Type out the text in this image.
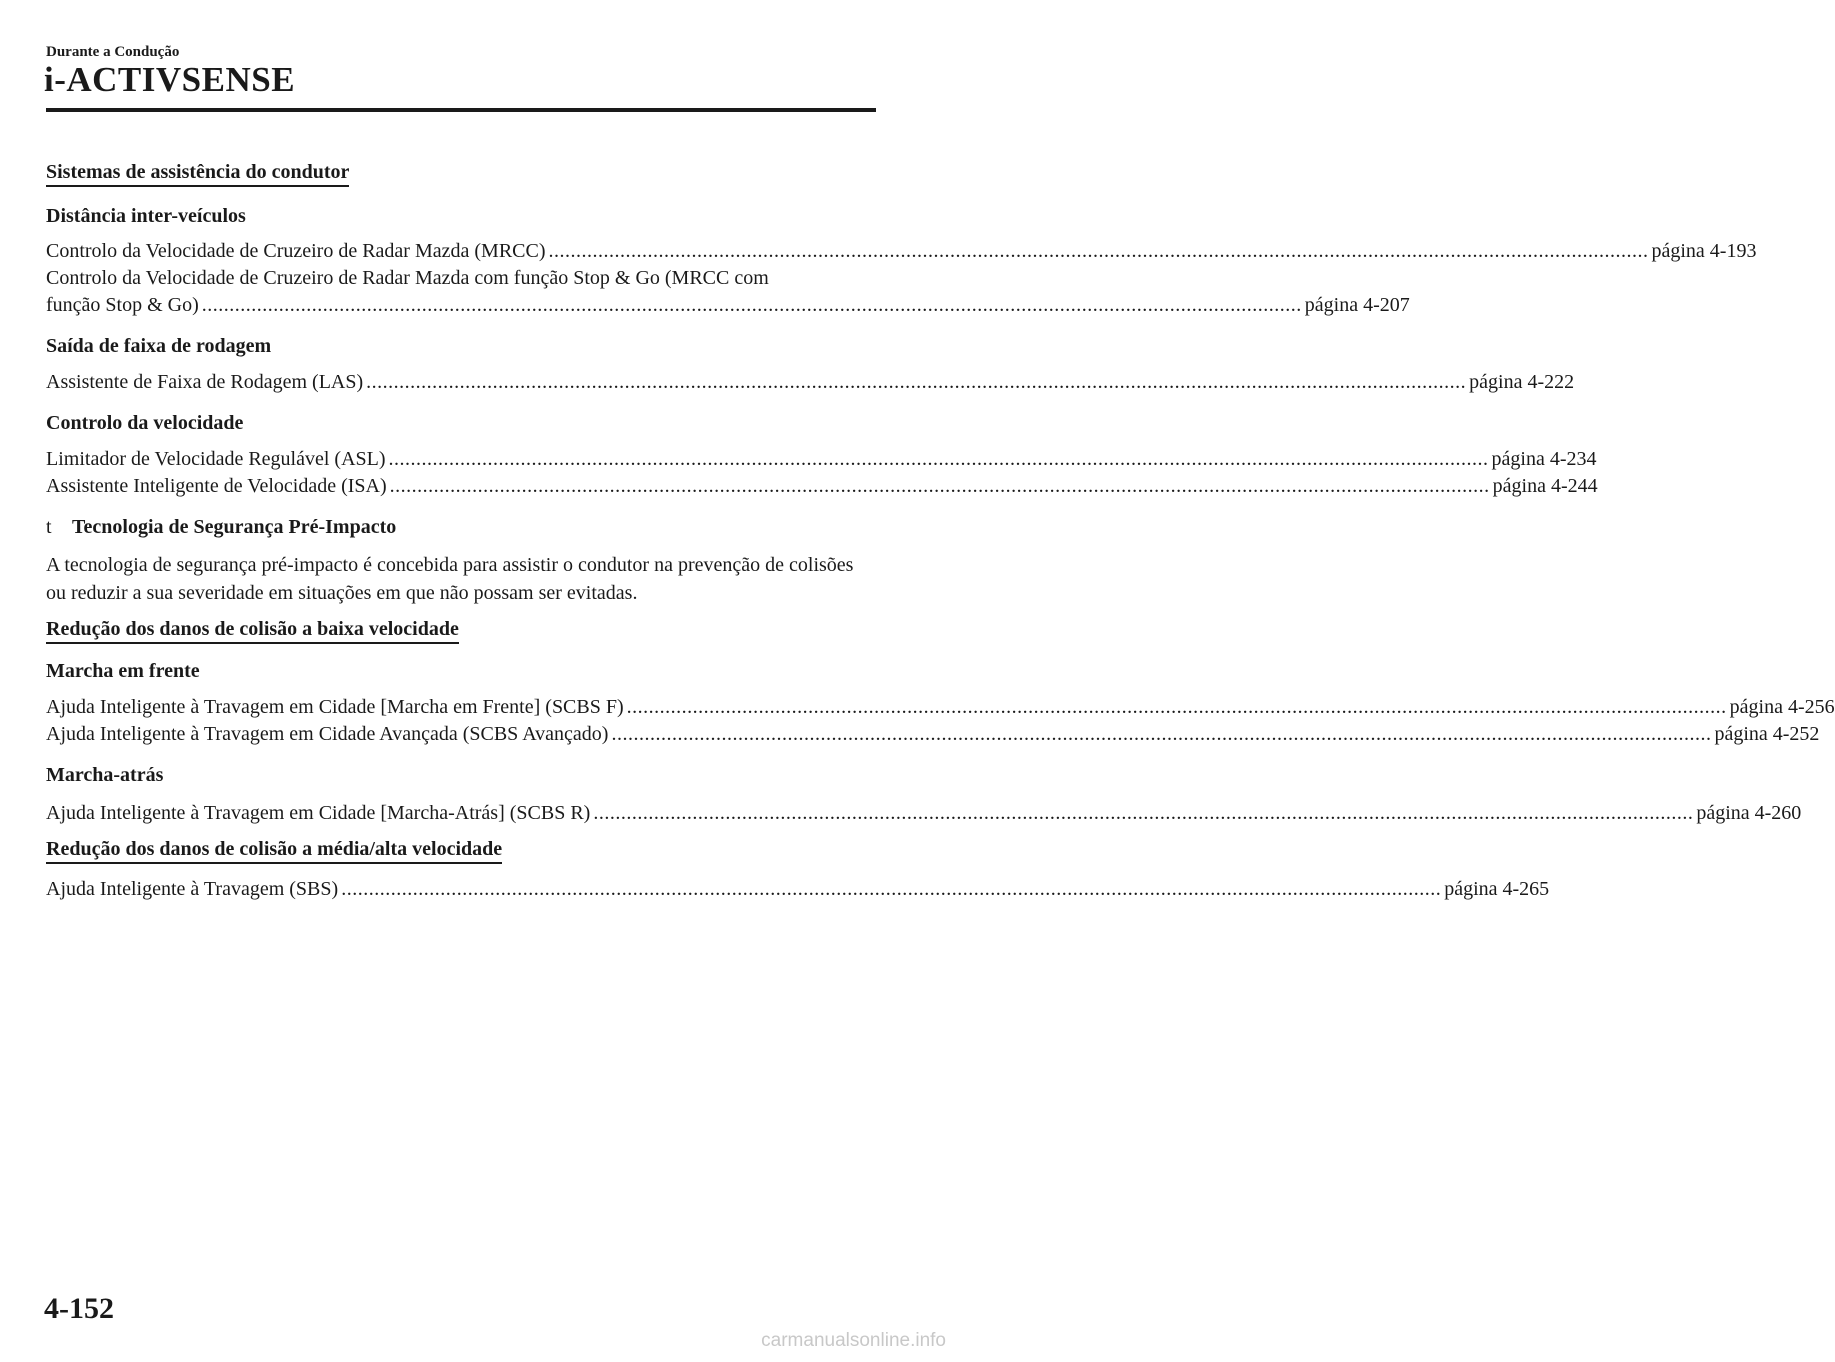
Durante a Condução
i-ACTIVSENSE
Sistemas de assistência do condutor
Distância inter-veículos
Controlo da Velocidade de Cruzeiro de Radar Mazda (MRCC) ........................................................................................................................................................................................................ página 4-193
Controlo da Velocidade de Cruzeiro de Radar Mazda com função Stop & Go (MRCC com
função Stop & Go) ........................................................................................................................................................................................................ página 4-207
Saída de faixa de rodagem
Assistente de Faixa de Rodagem (LAS) ........................................................................................................................................................................................................ página 4-222
Controlo da velocidade
Limitador de Velocidade Regulável (ASL) ........................................................................................................................................................................................................ página 4-234
Assistente Inteligente de Velocidade (ISA) ........................................................................................................................................................................................................ página 4-244
t	Tecnologia de Segurança Pré-Impacto
A tecnologia de segurança pré-impacto é concebida para assistir o condutor na prevenção de colisões ou reduzir a sua severidade em situações em que não possam ser evitadas.
Redução dos danos de colisão a baixa velocidade
Marcha em frente
Ajuda Inteligente à Travagem em Cidade [Marcha em Frente] (SCBS F) ........................................................................................................................................................................................................ página 4-256
Ajuda Inteligente à Travagem em Cidade Avançada (SCBS Avançado) ........................................................................................................................................................................................................ página 4-252
Marcha-atrás
Ajuda Inteligente à Travagem em Cidade [Marcha-Atrás] (SCBS R) ........................................................................................................................................................................................................ página 4-260
Redução dos danos de colisão a média/alta velocidade
Ajuda Inteligente à Travagem (SBS) ........................................................................................................................................................................................................ página 4-265
4-152
carmanualsonline.info
